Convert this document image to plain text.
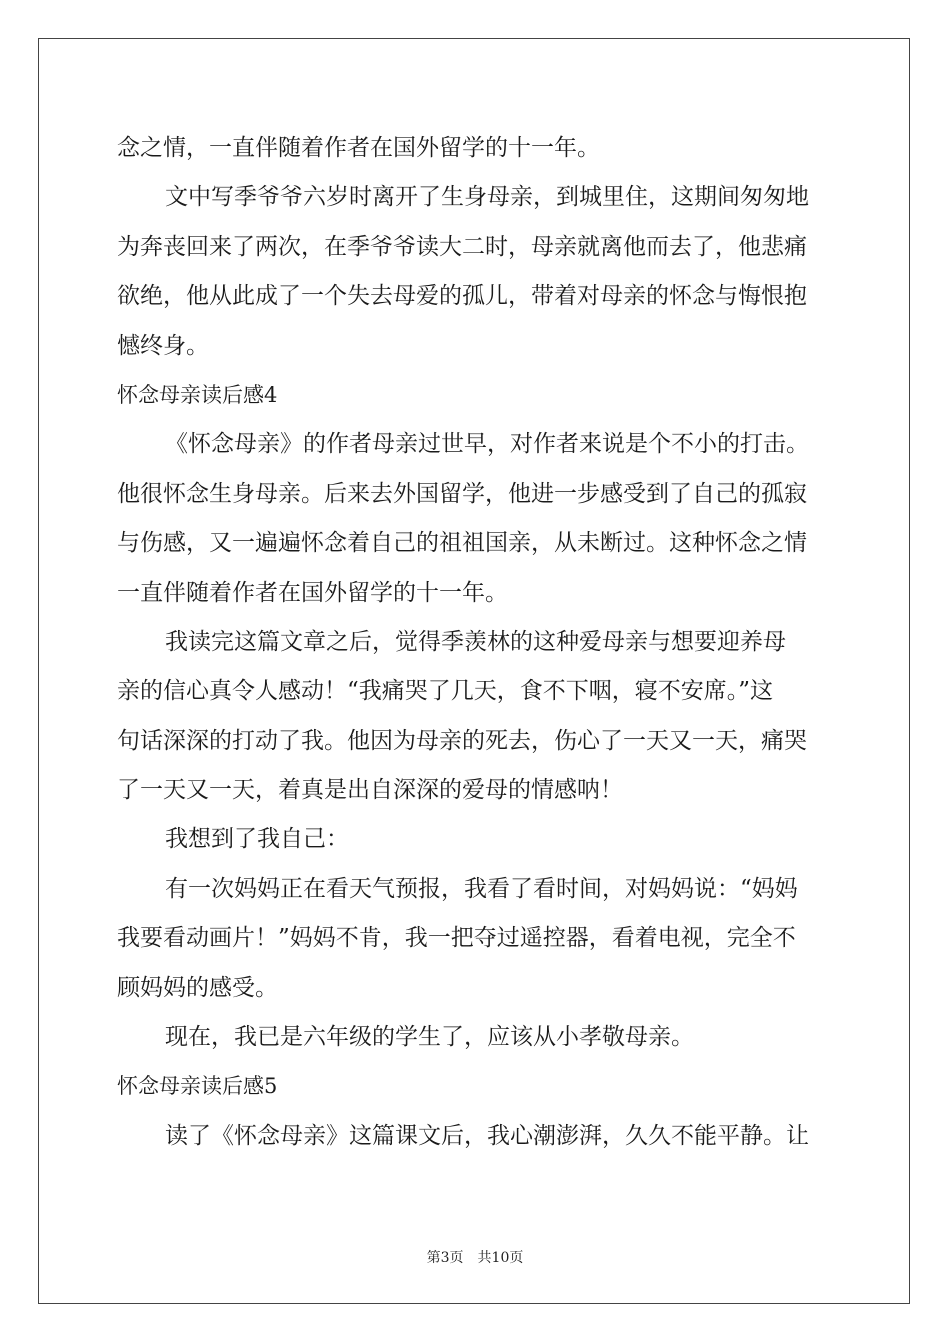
念之情，一直伴随着作者在国外留学的十一年。
文中写季爷爷六岁时离开了生身母亲，到城里住，这期间匆匆地
为奔丧回来了两次，在季爷爷读大二时，母亲就离他而去了，他悲痛
欲绝，他从此成了一个失去母爱的孤儿，带着对母亲的怀念与悔恨抱
憾终身。
怀念母亲读后感4
《怀念母亲》的作者母亲过世早，对作者来说是个不小的打击。
他很怀念生身母亲。后来去外国留学，他进一步感受到了自己的孤寂
与伤感，又一遍遍怀念着自己的祖祖国亲，从未断过。这种怀念之情
一直伴随着作者在国外留学的十一年。
我读完这篇文章之后，觉得季羡林的这种爱母亲与想要迎养母
亲的信心真令人感动！“我痛哭了几天，食不下咽，寝不安席。”这
句话深深的打动了我。他因为母亲的死去，伤心了一天又一天，痛哭
了一天又一天，着真是出自深深的爱母的情感呐！
我想到了我自己：
有一次妈妈正在看天气预报，我看了看时间，对妈妈说：“妈妈
我要看动画片！”妈妈不肯，我一把夺过遥控器，看着电视，完全不
顾妈妈的感受。
现在，我已是六年级的学生了，应该从小孝敬母亲。
怀念母亲读后感5
读了《怀念母亲》这篇课文后，我心潮澎湃，久久不能平静。让
第3页　共10页
